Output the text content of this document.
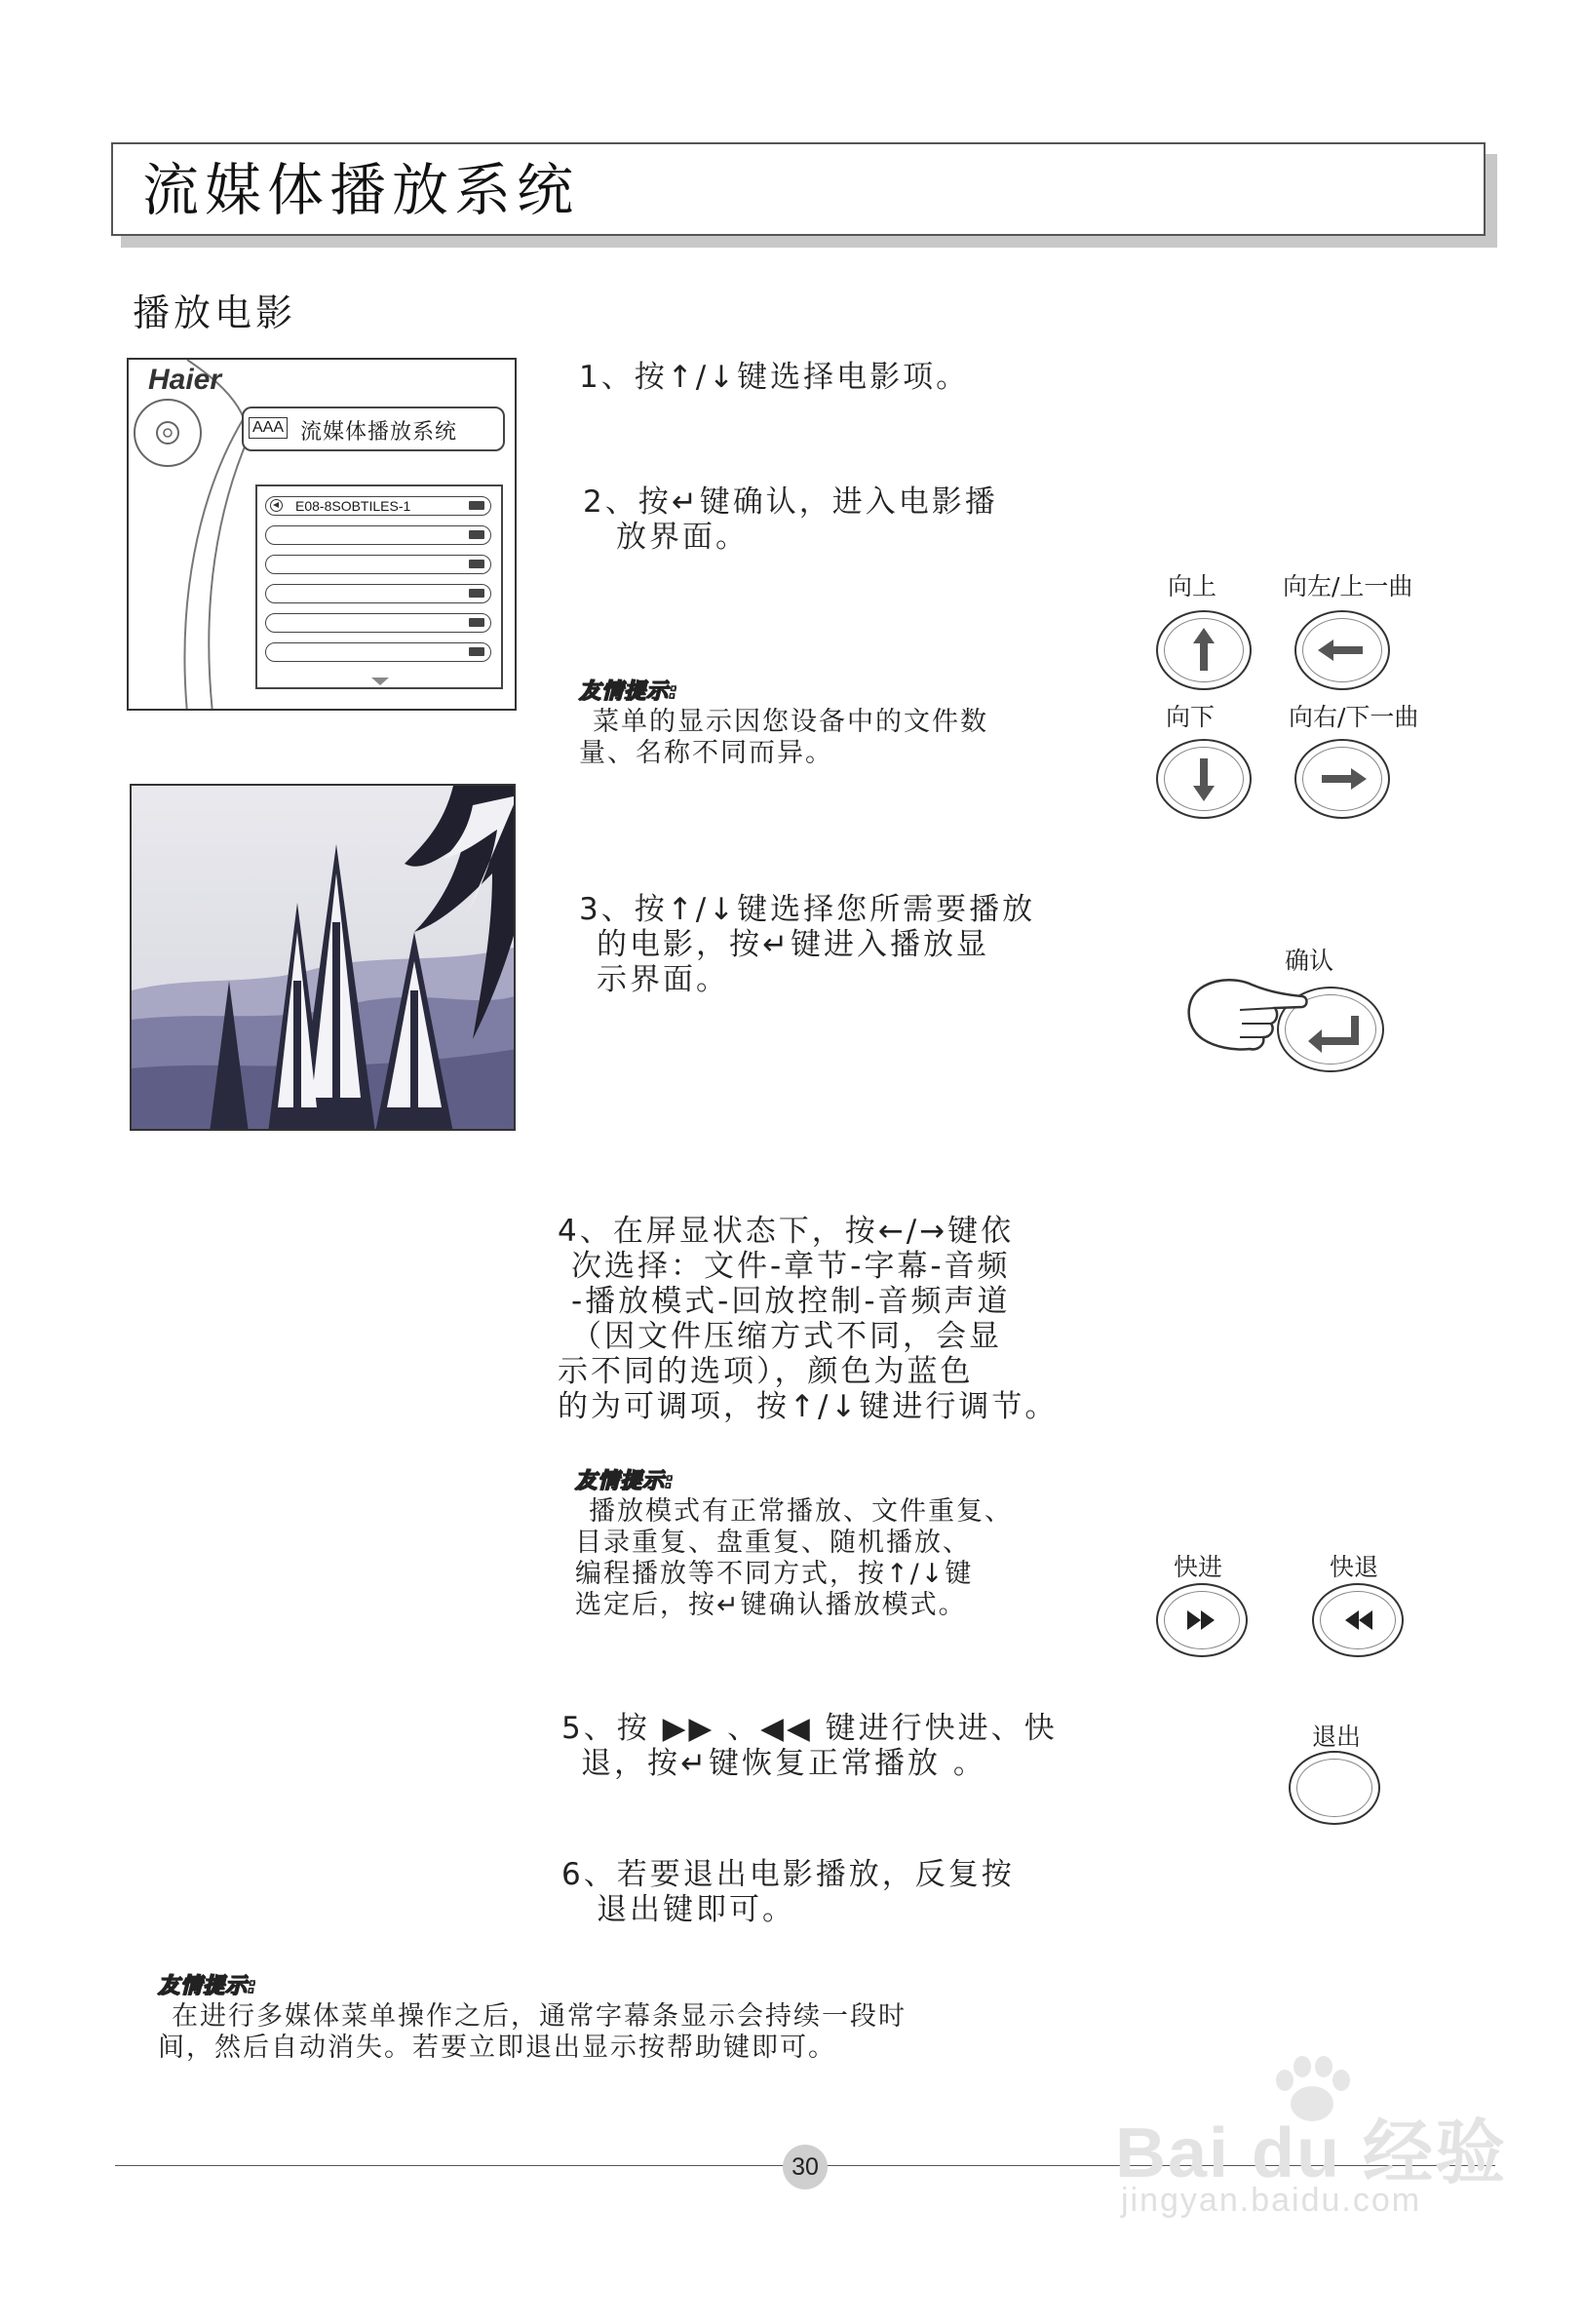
流媒体播放系统
播放电影
Haier
AAA 流媒体播放系统
E08-8SOBTILES-1
1、按↑/↓键选择电影项。
2、按↵键确认，进入电影播
放界面。
友情提示:
菜单的显示因您设备中的文件数
量、名称不同而异。
3、按↑/↓键选择您所需要播放
的电影，按↵键进入播放显
示界面。
4、在屏显状态下，按←/→键依
次选择：文件-章节-字幕-音频
-播放模式-回放控制-音频声道
（因文件压缩方式不同，会显
示不同的选项），颜色为蓝色
的为可调项，按↑/↓键进行调节。
友情提示:
播放模式有正常播放、文件重复、
目录重复、盘重复、随机播放、
编程播放等不同方式，按↑/↓键
选定后，按↵键确认播放模式。
5、按 ▶▶ 、◀◀ 键进行快进、快
退，按↵键恢复正常播放 。
6、若要退出电影播放，反复按
退出键即可。
友情提示:
在进行多媒体菜单操作之后，通常字幕条显示会持续一段时
间，然后自动消失。若要立即退出显示按帮助键即可。
向上	向左/上一曲
向下	向右/下一曲
确认
快进	快退
退出
30	Bai du 经验
jingyan.baidu.com
